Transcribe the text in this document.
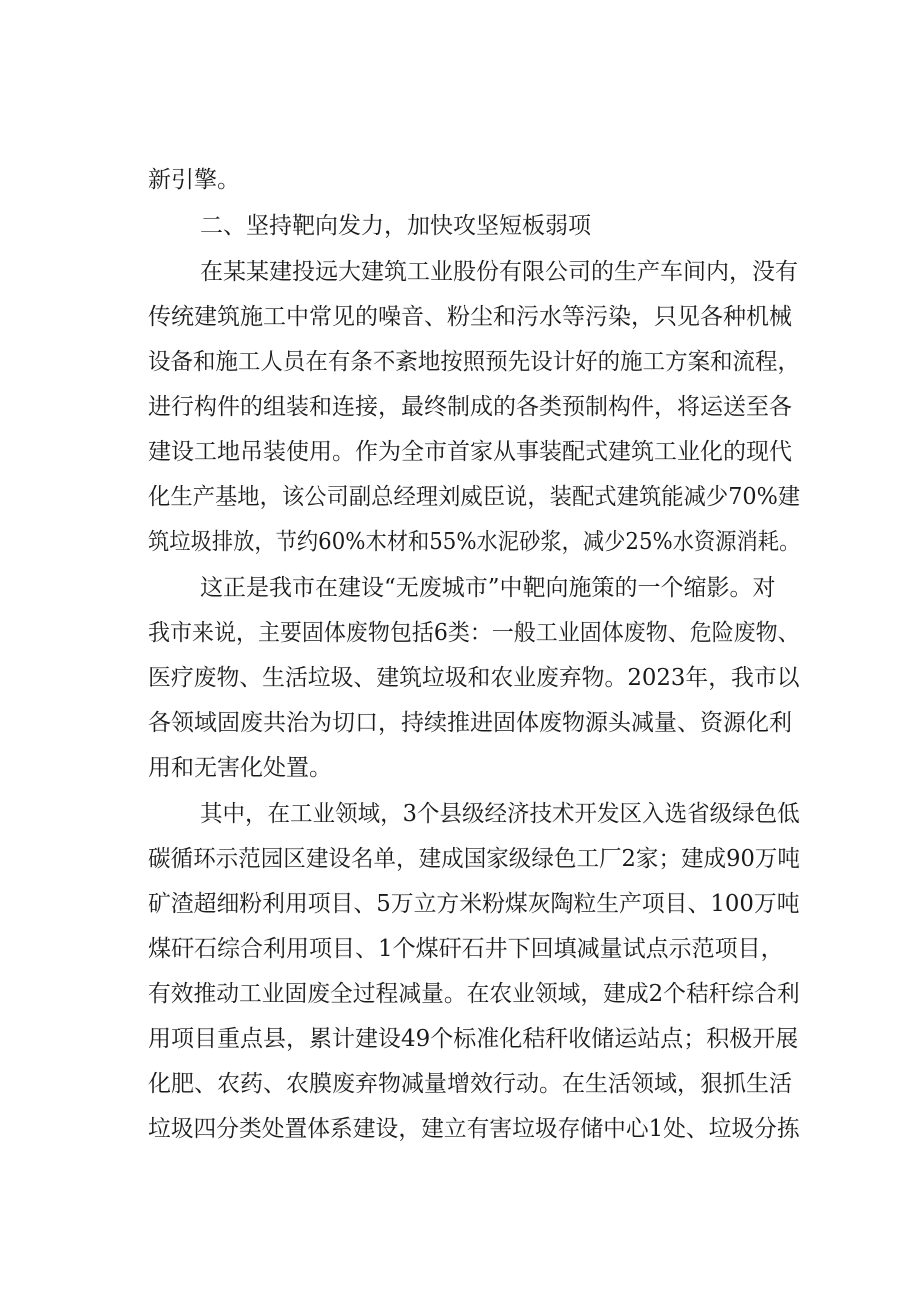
新引擎。
二、坚持靶向发力，加快攻坚短板弱项
在某某建投远大建筑工业股份有限公司的生产车间内，没有
传统建筑施工中常见的噪音、粉尘和污水等污染，只见各种机械
设备和施工人员在有条不紊地按照预先设计好的施工方案和流程，
进行构件的组装和连接，最终制成的各类预制构件，将运送至各
建设工地吊装使用。作为全市首家从事装配式建筑工业化的现代
化生产基地，该公司副总经理刘威臣说，装配式建筑能减少70%建
筑垃圾排放，节约60%木材和55%水泥砂浆，减少25%水资源消耗。
这正是我市在建设“无废城市”中靶向施策的一个缩影。对
我市来说，主要固体废物包括6类：一般工业固体废物、危险废物、
医疗废物、生活垃圾、建筑垃圾和农业废弃物。2023年，我市以
各领域固废共治为切口，持续推进固体废物源头减量、资源化利
用和无害化处置。
其中，在工业领域，3个县级经济技术开发区入选省级绿色低
碳循环示范园区建设名单，建成国家级绿色工厂2家；建成90万吨
矿渣超细粉利用项目、5万立方米粉煤灰陶粒生产项目、100万吨
煤矸石综合利用项目、1个煤矸石井下回填减量试点示范项目，
有效推动工业固废全过程减量。在农业领域，建成2个秸秆综合利
用项目重点县，累计建设49个标准化秸秆收储运站点；积极开展
化肥、农药、农膜废弃物减量增效行动。在生活领域，狠抓生活
垃圾四分类处置体系建设，建立有害垃圾存储中心1处、垃圾分拣
